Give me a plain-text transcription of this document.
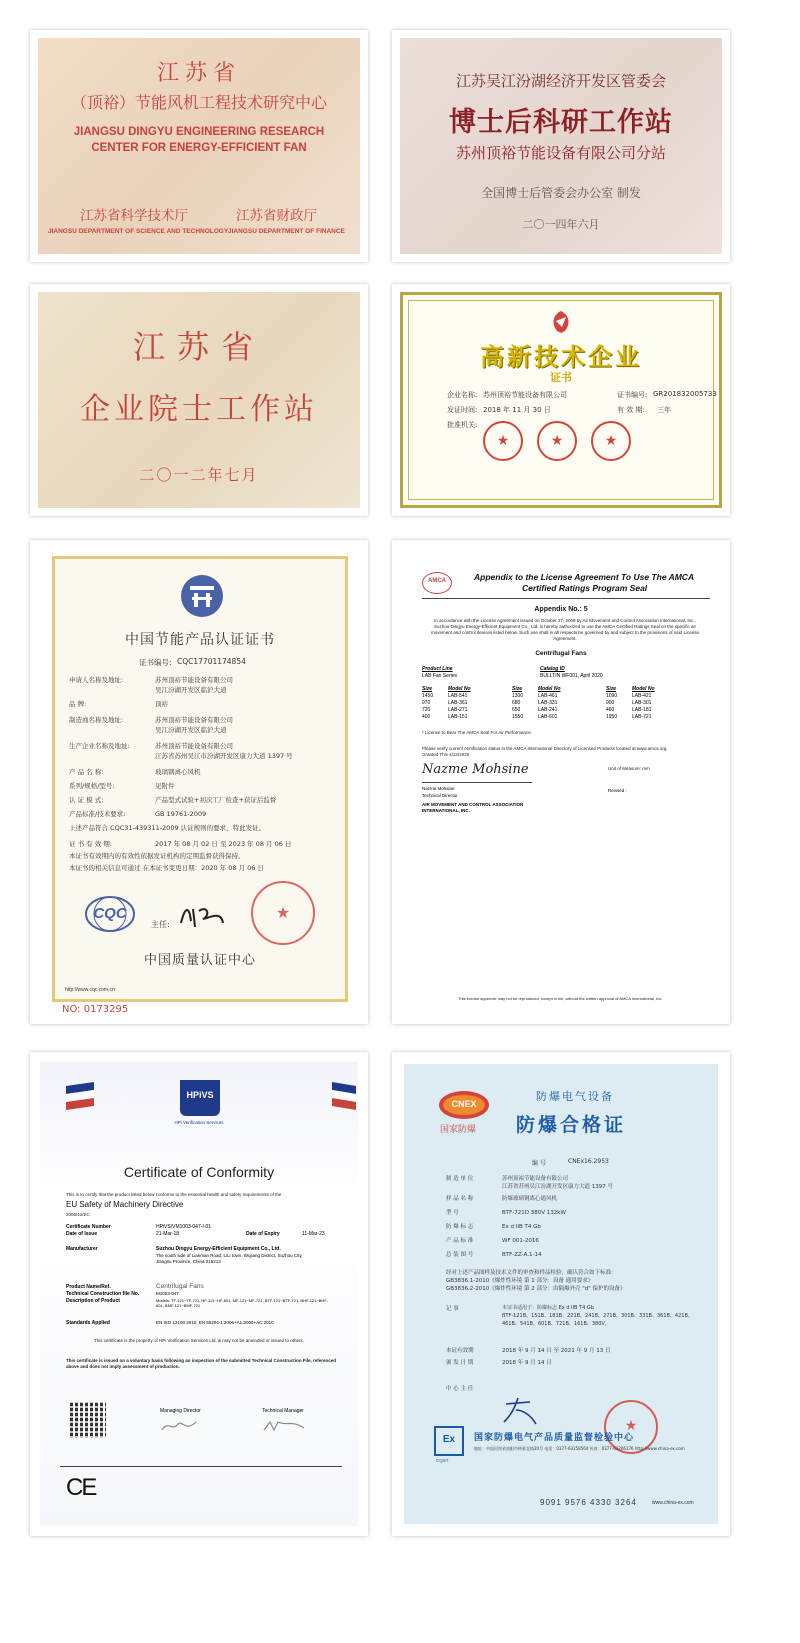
江苏省
（顶裕）节能风机工程技术研究中心
JIANGSU DINGYU ENGINEERING RESEARCH
CENTER FOR ENERGY-EFFICIENT FAN
江苏省科学技术厅	江苏省财政厅
JIANGSU DEPARTMENT OF SCIENCE AND TECHNOLOGY JIANGSU DEPARTMENT OF FINANCE
江苏吴江汾湖经济开发区管委会
博士后科研工作站
苏州顶裕节能设备有限公司分站
全国博士后管委会办公室 制发
二〇一四年六月
江苏省
企业院士工作站
二〇一二年七月
高新技术企业
证书
企业名称: 苏州顶裕节能设备有限公司	证书编号: GR201832005733
发证时间: 2018 年 11 月 30 日	有 效 期: 三年
批准机关:
★	★	★
中国节能产品认证证书
证书编号: CQC17701174854
申请人名称及地址:	苏州顶裕节能设备有限公司
吴江汾湖开发区临沪大道
品 牌:	顶裕
制造商名称及地址:	苏州顶裕节能设备有限公司
吴江汾湖开发区临沪大道
生产企业名称及地址:	苏州顶裕节能设备有限公司
江苏省苏州吴江市汾湖开发区康力大道 1397 号
产 品 名 称:	玻璃钢离心风机
系列/规格/型号:	见附件
认 证 模 式:	产品型式试验+初次工厂检查+获证后监督
产品标准/技术要求:	GB 19761-2009
上述产品符合 CQC31-439311-2009 认证规则的要求，特此发证。
证 书 有 效 期:	2017 年 08 月 02 日 至 2023 年 08 月 06 日
本证书有效期内的有效性依据发证机构的定期监督获得保持。
本证书的相关信息可通过 在本证书变更日期：2020 年 08 月 06 日
CQC
主任:
★
中国质量认证中心
http://www.cqc.com.cn
NO: 0173295
AMCA	Appendix to the License Agreement To Use The AMCA
Certified Ratings Program Seal
Appendix No.: 5
In accordance with the License Agreement issued on October 27, 2009 by Air Movement and Control Association International, Inc., Suzhou Dingyu Energy-Efficient Equipment Co., Ltd. is hereby authorized to use the AMCA Certified Ratings Seal on the specific air movement and control devices listed below. Such use shall in all respects be governed by and subject to the provisions of said License Agreement.
Centrifugal Fans
Product Line
LAB Fan Series
Catalog ID
BULLTIN WF001, April 2020
Size	Model No	Size	Model No	Size	Model No
1450	LAB-541	1300	LAB-461	1090	LAB-421
970	LAB-361	680	LAB-331	900	LAB-301
720	LAB-271	650	LAB-241	460	LAB-181
400	LAB-151	1550	LAB-601	1950	LAB-721
* License to Bear The AMCA Seal For Air Performance.
Please verify current certification status in the AMCA International Directory of Licensed Products located at www.amca.org.
Granted This 4/13/2020
Nazme Mohsine	Unit of Measure: mm
Nazme Mohsine	Revised :
Technical Director
AIR MOVEMENT AND CONTROL ASSOCIATION
INTERNATIONAL, INC.
This license appendix may not be reproduced, except in full, without the written approval of AMCA International, Inc.
HPiVS
HPi Verification Services
Certificate of Conformity
This is to certify that the product listed below conforms to the essential health and safety requirements of the
EU Safety of Machinery Directive
2006/42/EC
Certificate Number	HPiVS/VM1003-047-I-01
Date of Issue	21-Mar-18	Date of Expiry	11-Mar-23
Manufacturer	Suzhou Dingyu Energy-Efficient Equipment Co., Ltd.
The south side of Lianman Road, LiLi town, Wujiang District, Suzhou City,
Jiangsu Province, China 215213
Product Name/Ref.	Centrifugal Fans
Technical Construction file No.	M1003-047
Description of Product	Models: TF-121~TF-721, HF-121~HF-601, MF-121~MF-721, BTF-121~BTF-721, BHF-121~BHF-601, BMF-121~BMF-721
Standards Applied	EN ISO 12100:2010, EN 60204-1:2006+A1:2009+AC:2010
This certificate is the property of HPi Verification Services Ltd. & may not be amended or issued to others.
This certificate is issued on a voluntary basis following an inspection of the submitted Technical Construction File, referenced above and does not imply assessment of production.
Managing Director	Technical Manager
CE
CNEX
国家防爆
防爆电气设备
防爆合格证
编 号	CNEx16.2953
制 造 单 位	苏州顶裕节能设备有限公司
江苏省苏州吴江汾湖开发区康力大道 1397 号
样 品 名 称	防爆玻璃钢离心通风机
型 号	BTF-721D 380V 132kW
防 爆 标 志	Ex d IIB T4 Gb
产 品 标 准	WF 001-2016
总 装 图 号	BTF-ZZ-A.1-14
经对上述产品图样及技术文件的审查和样品检验，确认符合如下标准:
GB3836.1-2010《爆炸性环境 第 1 部分：设备 通用要求》
GB3836.2-2010《爆炸性环境 第 2 部分：由隔爆外壳 "d" 保护的设备》
记 事	本证书适用于：防爆标志 Ex d IIB T4 Gb
BTF-121B、151B、181B、221B、241B、271B、301B、331B、361B、421B、
461B、541B、601B、721B、161B、380V。
本证有效期	2018 年 9 月 14 日 至 2021 年 9 月 13 日
颁 发 日 期	2018 年 9 月 14 日
中 心 主 任
★
Ex
CQST
国家防爆电气产品质量监督检验中心
地址：中国河南省南阳市仲景北路20号 电话：0377-63258564 传真：0377-63206176 http://www.china-ex.com
9091 9576 4330 3264	www.china-ex.com
